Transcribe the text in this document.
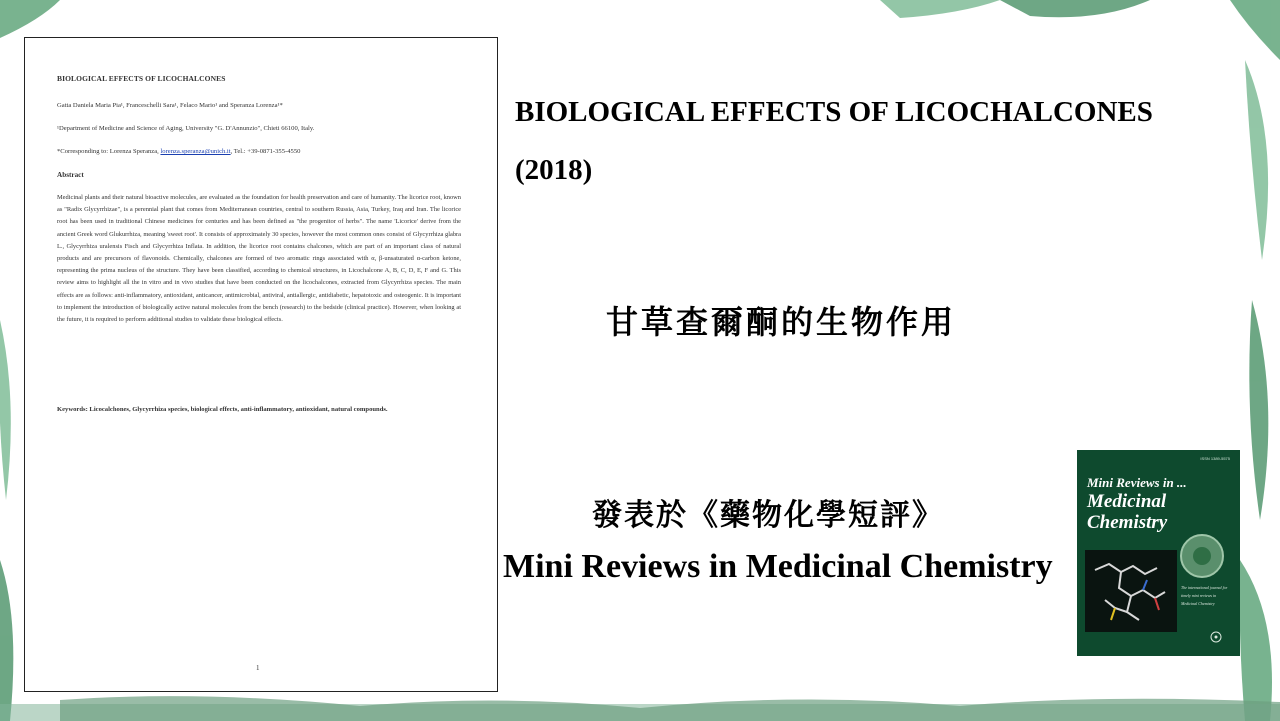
BIOLOGICAL EFFECTS OF LICOCHALCONES
Gatta Daniela Maria Pia¹, Franceschelli Sara¹, Felaco Mario¹ and Speranza Lorenza¹*
¹Department of Medicine and Science of Aging, University "G. D'Annunzio", Chieti 66100, Italy.
*Corresponding to: Lorenza Speranza, lorenza.speranza@unich.it, Tel.: +39-0871-355-4550
Abstract
Medicinal plants and their natural bioactive molecules, are evaluated as the foundation for health preservation and care of humanity. The licorice root, known as "Radix Glycyrrhizae", is a perennial plant that comes from Mediterranean countries, central to southern Russia, Asia, Turkey, Iraq and Iran. The licorice root has been used in traditional Chinese medicines for centuries and has been defined as "the progenitor of herbs". The name 'Licorice' derive from the ancient Greek word Glukurrhiza, meaning 'sweet root'. It consists of approximately 30 species, however the most common ones consist of Glycyrrhiza glabra L., Glycyrrhiza uralensis Fisch and Glycyrrhiza Inflata. In addition, the licorice root contains chalcones, which are part of an important class of natural products and are precursors of flavonoids. Chemically, chalcones are formed of two aromatic rings associated with α, β-unsaturated α-carbon ketone, representing the prima nucleus of the structure. They have been classified, according to chemical structures, in Licochalcone A, B, C, D, E, F and G. This review aims to highlight all the in vitro and in vivo studies that have been conducted on the licochalcones, extracted from Glycyrrhiza species. The main effects are as follows: anti-inflammatory, antioxidant, anticancer, antimicrobial, antiviral, antiallergic, antidiabetic, hepatotoxic and osteogenic. It is important to implement the introduction of biologically active natural molecules from the bench (research) to the bedside (clinical practice). However, when looking at the future, it is required to perform additional studies to validate these biological effects.
Keywords: Licocalchones, Glycyrrhiza species, biological effects, anti-inflammatory, antioxidant, natural compounds.
1
BIOLOGICAL EFFECTS OF LICOCHALCONES
(2018)
甘草查爾酮的生物作用
發表於《藥物化學短評》
Mini Reviews in Medicinal Chemistry
ISSN 1389-5575
Mini Reviews in ...
Medicinal
Chemistry
The international journal for timely mini reviews in Medicinal Chemistry
